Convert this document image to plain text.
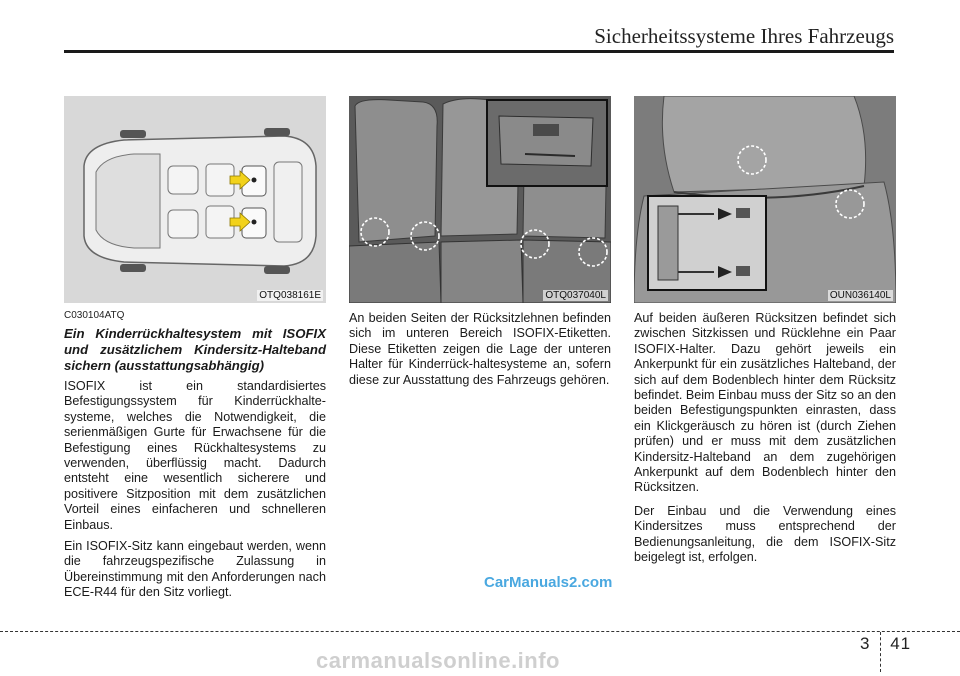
Sicherheitssysteme Ihres Fahrzeugs
OTQ038161E
C030104ATQ
Ein Kinderrückhaltesystem mit ISOFIX und zusätzlichem Kindersitz-Halteband sichern (ausstattungsabhängig)

ISOFIX ist ein standardisiertes Befestigungssystem für Kinderrückhalte-systeme, welches die Notwendigkeit, die serienmäßigen Gurte für Erwachsene für die Befestigung eines Rückhaltesystems zu verwenden, überflüssig macht. Dadurch entsteht eine wesentlich sicherere und positivere Sitzposition mit dem zusätzlichen Vorteil eines einfacheren und schnelleren Einbaus.

Ein ISOFIX-Sitz kann eingebaut werden, wenn die fahrzeugspezifische Zulassung in Übereinstimmung mit den Anforderungen nach ECE-R44 für den Sitz vorliegt.

OTQ037040L

An beiden Seiten der Rücksitzlehnen befinden sich im unteren Bereich ISOFIX-Etiketten. Diese Etiketten zeigen die Lage der unteren Halter für Kinderrück-haltesysteme an, sofern diese zur Ausstattung des Fahrzeugs gehören.

OUN036140L

Auf beiden äußeren Rücksitzen befindet sich zwischen Sitzkissen und Rücklehne ein Paar ISOFIX-Halter. Dazu gehört jeweils ein Ankerpunkt für ein zusätzliches Halteband, der sich auf dem Bodenblech hinter dem Rücksitz befindet. Beim Einbau muss der Sitz so an den beiden Befestigungspunkten einrasten, dass ein Klickgeräusch zu hören ist (durch Ziehen prüfen) und er muss mit dem zusätzlichen Kindersitz-Halteband an dem zugehörigen Ankerpunkt auf dem Bodenblech hinter den Rücksitzen.

Der Einbau und die Verwendung eines Kindersitzes muss entsprechend der Bedienungsanleitung, die dem ISOFIX-Sitz beigelegt ist, erfolgen.

CarManuals2.com
3 41
carmanualsonline.info
